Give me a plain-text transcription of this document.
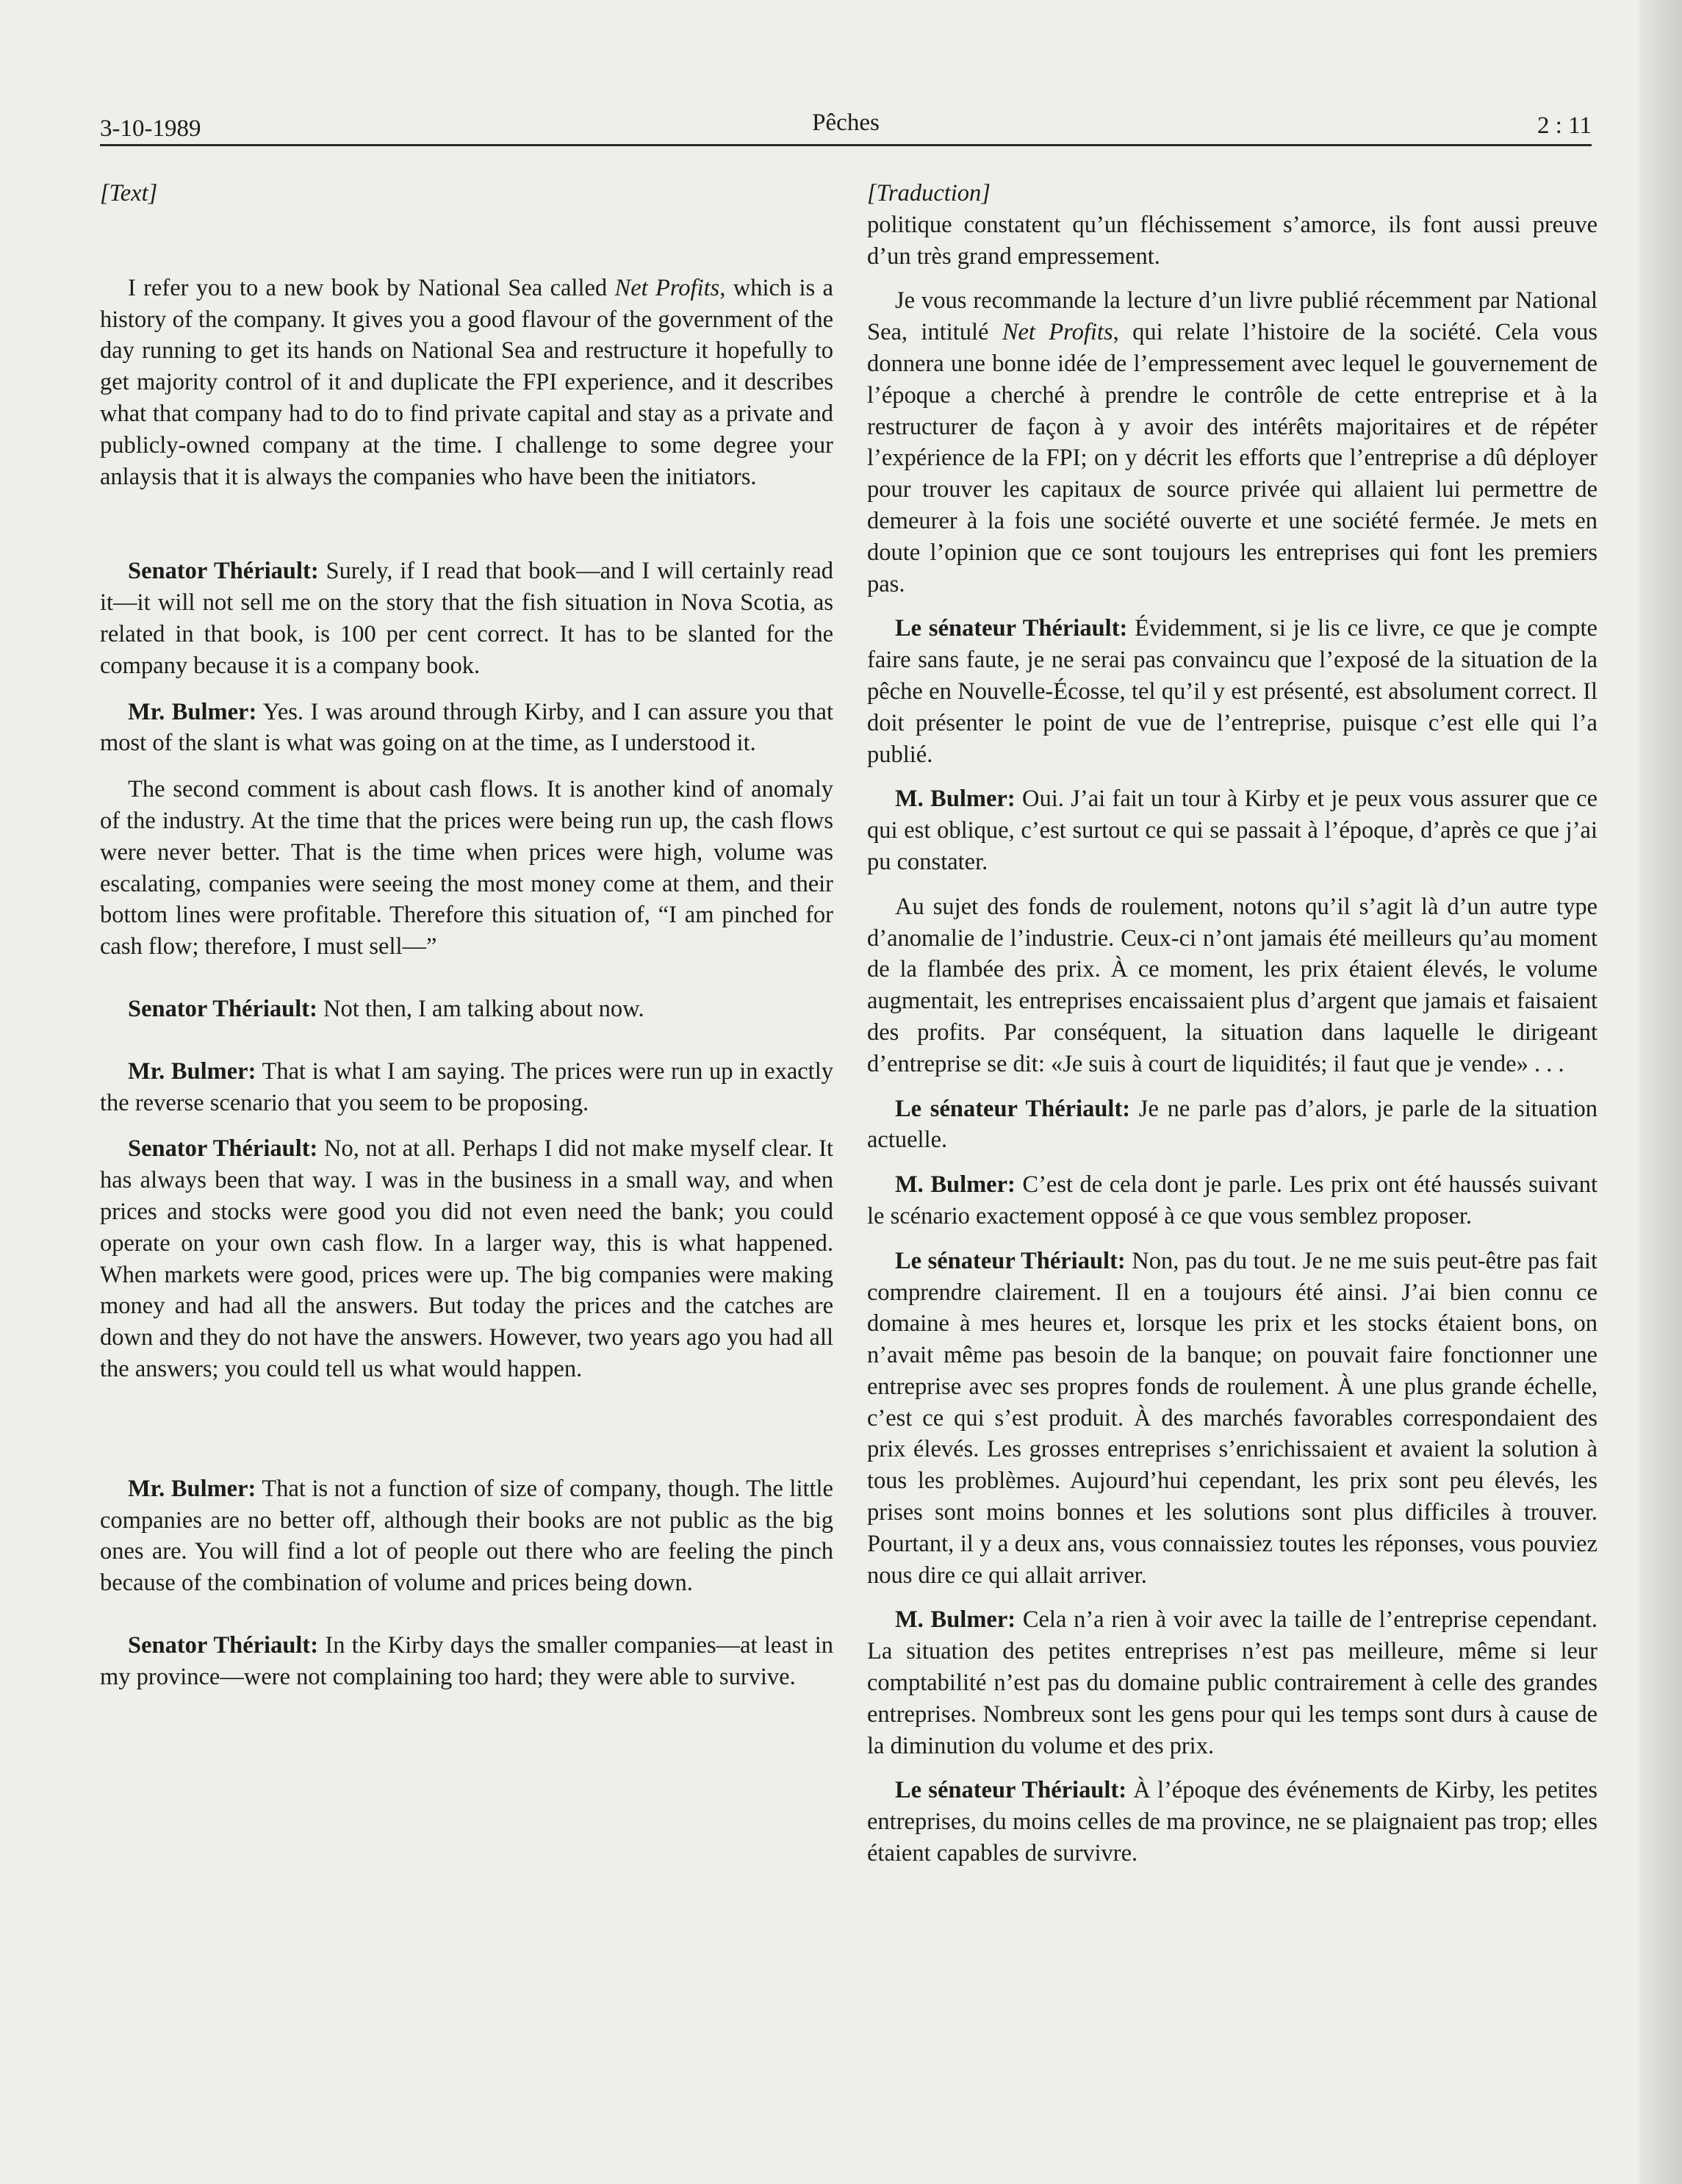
3-10-1989	Pêches	2 : 11

[Text]

I refer you to a new book by National Sea called Net Profits, which is a history of the company. It gives you a good flavour of the government of the day running to get its hands on National Sea and restructure it hopefully to get majority control of it and duplicate the FPI experience, and it describes what that company had to do to find private capital and stay as a private and publicly-owned company at the time. I challenge to some degree your anlaysis that it is always the companies who have been the initiators.

Senator Thériault: Surely, if I read that book—and I will certainly read it—it will not sell me on the story that the fish situation in Nova Scotia, as related in that book, is 100 per cent correct. It has to be slanted for the company because it is a company book.

Mr. Bulmer: Yes. I was around through Kirby, and I can assure you that most of the slant is what was going on at the time, as I understood it.

The second comment is about cash flows. It is another kind of anomaly of the industry. At the time that the prices were being run up, the cash flows were never better. That is the time when prices were high, volume was escalating, companies were seeing the most money come at them, and their bottom lines were profitable. Therefore this situation of, “I am pinched for cash flow; therefore, I must sell—”

Senator Thériault: Not then, I am talking about now.

Mr. Bulmer: That is what I am saying. The prices were run up in exactly the reverse scenario that you seem to be proposing.

Senator Thériault: No, not at all. Perhaps I did not make myself clear. It has always been that way. I was in the business in a small way, and when prices and stocks were good you did not even need the bank; you could operate on your own cash flow. In a larger way, this is what happened. When markets were good, prices were up. The big companies were making money and had all the answers. But today the prices and the catches are down and they do not have the answers. However, two years ago you had all the answers; you could tell us what would happen.

Mr. Bulmer: That is not a function of size of company, though. The little companies are no better off, although their books are not public as the big ones are. You will find a lot of people out there who are feeling the pinch because of the combination of volume and prices being down.

Senator Thériault: In the Kirby days the smaller companies—at least in my province—were not complaining too hard; they were able to survive.

[Traduction]

politique constatent qu’un fléchissement s’amorce, ils font aussi preuve d’un très grand empressement.

Je vous recommande la lecture d’un livre publié récemment par National Sea, intitulé Net Profits, qui relate l’histoire de la société. Cela vous donnera une bonne idée de l’empressement avec lequel le gouvernement de l’époque a cherché à prendre le contrôle de cette entreprise et à la restructurer de façon à y avoir des intérêts majoritaires et de répéter l’expérience de la FPI; on y décrit les efforts que l’entreprise a dû déployer pour trouver les capitaux de source privée qui allaient lui permettre de demeurer à la fois une société ouverte et une société fermée. Je mets en doute l’opinion que ce sont toujours les entreprises qui font les premiers pas.

Le sénateur Thériault: Évidemment, si je lis ce livre, ce que je compte faire sans faute, je ne serai pas convaincu que l’exposé de la situation de la pêche en Nouvelle-Écosse, tel qu’il y est présenté, est absolument correct. Il doit présenter le point de vue de l’entreprise, puisque c’est elle qui l’a publié.

M. Bulmer: Oui. J’ai fait un tour à Kirby et je peux vous assurer que ce qui est oblique, c’est surtout ce qui se passait à l’époque, d’après ce que j’ai pu constater.

Au sujet des fonds de roulement, notons qu’il s’agit là d’un autre type d’anomalie de l’industrie. Ceux-ci n’ont jamais été meilleurs qu’au moment de la flambée des prix. À ce moment, les prix étaient élevés, le volume augmentait, les entreprises encaissaient plus d’argent que jamais et faisaient des profits. Par conséquent, la situation dans laquelle le dirigeant d’entreprise se dit: «Je suis à court de liquidités; il faut que je vende» . . .

Le sénateur Thériault: Je ne parle pas d’alors, je parle de la situation actuelle.

M. Bulmer: C’est de cela dont je parle. Les prix ont été haussés suivant le scénario exactement opposé à ce que vous semblez proposer.

Le sénateur Thériault: Non, pas du tout. Je ne me suis peut-être pas fait comprendre clairement. Il en a toujours été ainsi. J’ai bien connu ce domaine à mes heures et, lorsque les prix et les stocks étaient bons, on n’avait même pas besoin de la banque; on pouvait faire fonctionner une entreprise avec ses propres fonds de roulement. À une plus grande échelle, c’est ce qui s’est produit. À des marchés favorables correspondaient des prix élevés. Les grosses entreprises s’enrichissaient et avaient la solution à tous les problèmes. Aujourd’hui cependant, les prix sont peu élevés, les prises sont moins bonnes et les solutions sont plus difficiles à trouver. Pourtant, il y a deux ans, vous connaissiez toutes les réponses, vous pouviez nous dire ce qui allait arriver.

M. Bulmer: Cela n’a rien à voir avec la taille de l’entreprise cependant. La situation des petites entreprises n’est pas meilleure, même si leur comptabilité n’est pas du domaine public contrairement à celle des grandes entreprises. Nombreux sont les gens pour qui les temps sont durs à cause de la diminution du volume et des prix.

Le sénateur Thériault: À l’époque des événements de Kirby, les petites entreprises, du moins celles de ma province, ne se plaignaient pas trop; elles étaient capables de survivre.
